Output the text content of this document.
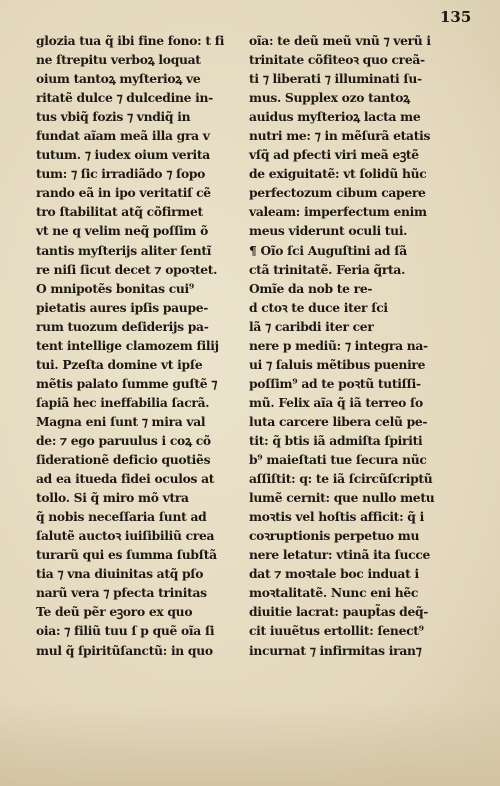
135
glozia tua q̃ ibi fine fono: t fi
ne ſtrepitu verboꝝ loquat
oium tantoꝝ myſterioꝝ ve
ritatẽ dulce ⁊ dulcedine in-
tus vbiq̃ fozis ⁊ vndiq̃ in
fundat aĩam meã illa gra v
tutum. ⁊ iudex oium verita
tum: ⁊ ſic irradiãdo ⁊ ſopo
rando eã in ipo veritatiſ cẽ
tro ſtabilitat atq̃ cõfirmet
vt ne q velim neq̃ poſſim õ
tantis myſterijs aliter ſentĩ
re niſi ſicut decet ⁊ opoꝛtet.
O mnipotẽs bonitas cui⁹
pietatis aures ipſis paupe-
rum tuozum deſiderijs pa-
tent intellige clamozem filij
tui. Pzeſta domine vt ipſe
mẽtis palato ſumme guſtẽ ⁊
ſapiã hec ineffabilia ſacrã.
Magna eni ſunt ⁊ mira val
de: ⁊ ego paruulus i coꝝ cõ
ſiderationẽ deficio quotiẽs
ad ea itueda fidei oculos at
tollo. Si q̃ miro mõ vtra
q̃ nobis neceſſaria ſunt ad
ſalutẽ auctoꝛ iuiſibiliũ crea
turarũ qui es ſumma ſubſtã
tia ⁊ vna diuinitas atq̃ pſo
narũ vera ⁊ pfecta trinitas
Te deũ pẽr eꝫoro ex quo
oia: ⁊ filiũ tuu ſ p quẽ oĩa ſi
mul q̃ ſpiritũſanctũ: in quo
oĩa: te deũ meũ vnũ ⁊ verũ i
trinitate cõfiteoꝛ quo creã-
ti ⁊ liberati ⁊ illuminati ſu-
mus. Supplex ozo tantoꝝ
auidus myſterioꝝ lacta me
nutri me: ⁊ in mẽſurã etatis
vſq̃ ad pfecti viri meã eꝫtẽ
de exiguitatẽ: vt ſolidũ hũc
perfectozum cibum capere
valeam: imperfectum enim
meus viderunt oculi tui.
¶ Oĩo ſci Auguſtini ad ſã
ctã trinitatẽ. Feria q̃rta.
Omĩe da nob te re-
d ctoꝛ te duce iter ſci
lã ⁊ caribdi iter cer
nere p mediũ: ⁊ integra na-
ui ⁊ ſaluis mẽtibus puenire
poſſim⁹ ad te poꝛtũ tutiſſi-
mũ. Felix aĩa q̃ iã terreo ſo
luta carcere libera celũ pe-
tit: q̃ btis iã admiſta ſpiriti
b⁹ maieſtati tue ſecura nũc
aſſiſtit: q: te iã ſcircũſcriptũ
lumẽ cernit: que nullo metu
moꝛtis vel hoſtis afficit: q̃ i
coꝛruptionis perpetuo mu
nere letatur: vtinã ita ſucce
dat ⁊ moꝛtale boc induat i
moꝛtalitatẽ. Nunc eni hẽc
diuitie lacrat: paupt̃as deq̃-
cit iuuẽtus ertollit: ſenect⁹
incurnat ⁊ infirmitas iran⁊
